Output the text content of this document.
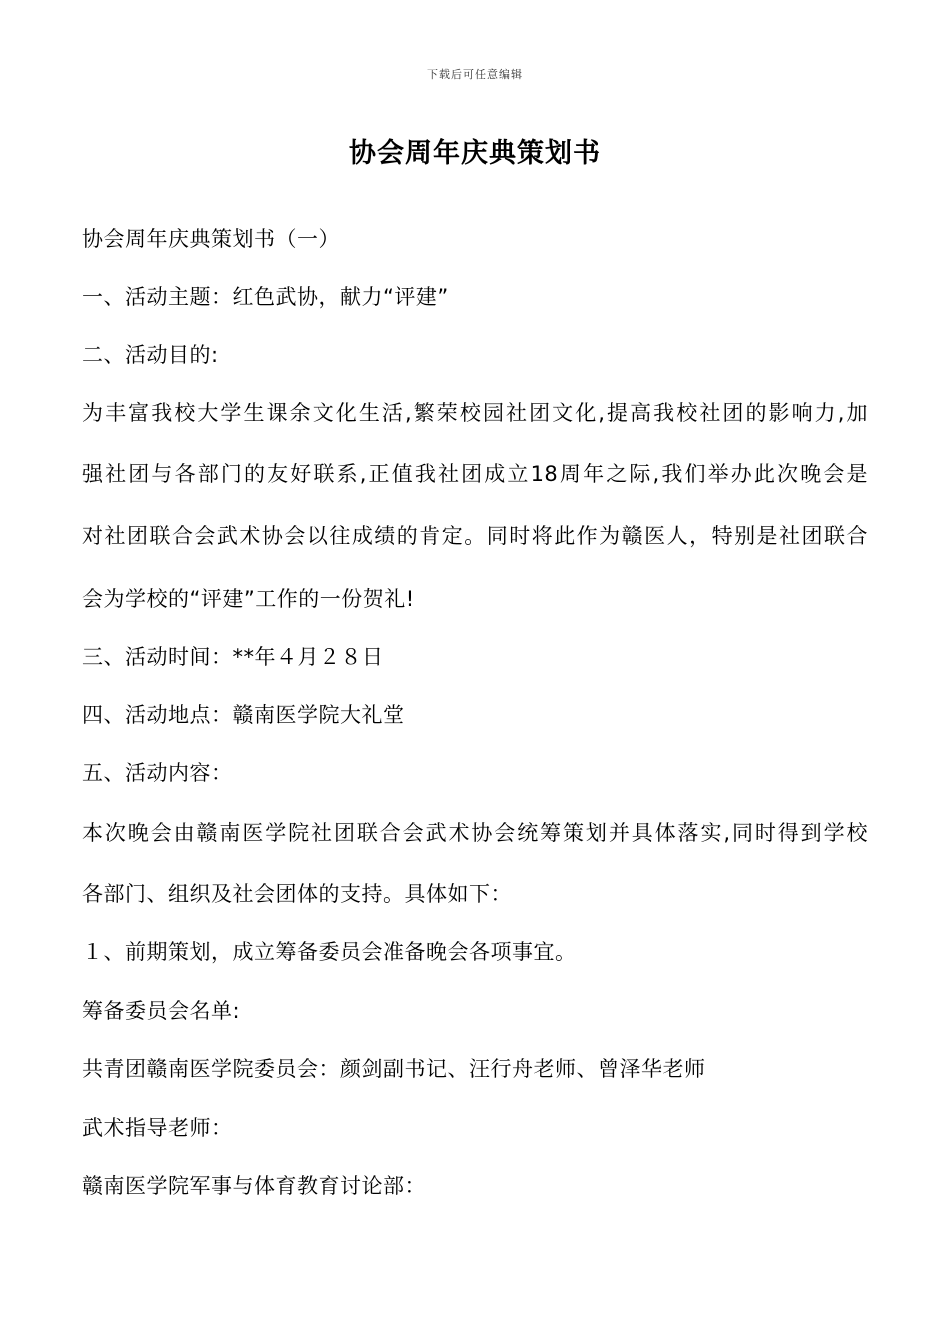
下载后可任意编辑
协会周年庆典策划书
协会周年庆典策划书（一）
一、活动主题：红色武协，献力“评建”
二、活动目的:
为丰富我校大学生课余文化生活,繁荣校园社团文化,提高我校社团的影响力,加
强社团与各部门的友好联系,正值我社团成立18周年之际,我们举办此次晚会是
对社团联合会武术协会以往成绩的肯定。同时将此作为赣医人，特别是社团联合
会为学校的“评建”工作的一份贺礼!
三、活动时间：**年４月２８日
四、活动地点：赣南医学院大礼堂
五、活动内容：
本次晚会由赣南医学院社团联合会武术协会统筹策划并具体落实,同时得到学校
各部门、组织及社会团体的支持。具体如下：
１、前期策划，成立筹备委员会准备晚会各项事宜。
筹备委员会名单:
共青团赣南医学院委员会：颜剑副书记、汪行舟老师、曾泽华老师
武术指导老师：
赣南医学院军事与体育教育讨论部：
